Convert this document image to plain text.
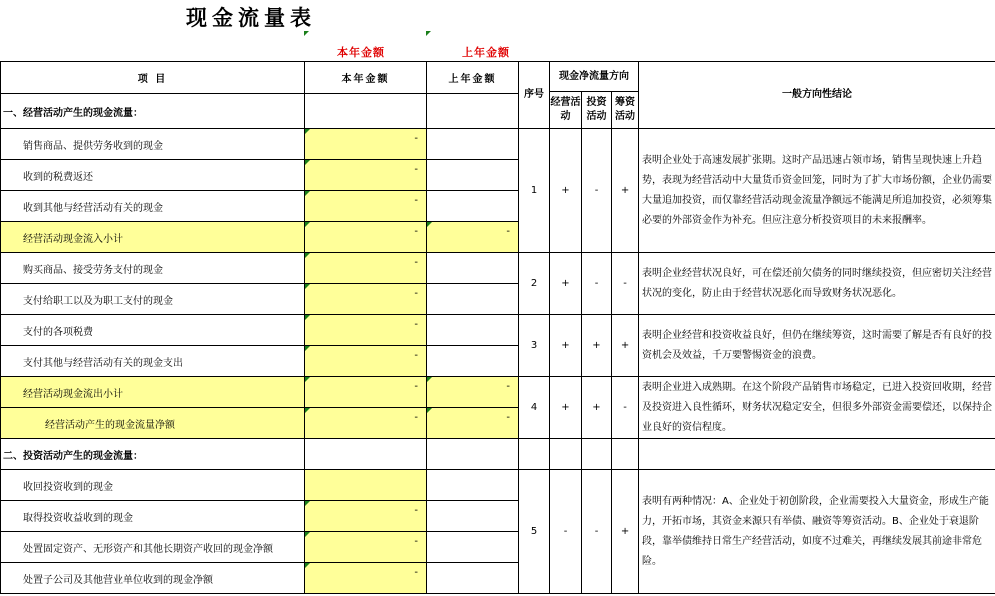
现金流量表
本年金额	上年金额
项 目	本年金额	上年金额	序号	现金净流量方向			一般方向性结论	
				经营活动	投资活动	筹资活动		
一、经营活动产生的现金流量：								
销售商品、提供劳务收到的现金	-		1	+	-	+	表明企业处于高速发展扩张期。这时产品迅速占领市场，销售呈现快速上升趋势，表现为经营活动中大量货币资金回笼，同时为了扩大市场份额，企业仍需要大量追加投资，而仅靠经营活动现金流量净额远不能满足所追加投资，必须筹集必要的外部资金作为补充。但应注意分析投资项目的未来报酬率。	
收到的税费返还	-							

收到其他与经营活动有关的现金	-							

经营活动现金流入小计	-	-						

购买商品、接受劳务支付的现金	-		2	+	-	-	表明企业经营状况良好，可在偿还前欠债务的同时继续投资，但应密切关注经营状况的变化，防止由于经营状况恶化而导致财务状况恶化。	
支付给职工以及为职工支付的现金	-							

支付的各项税费	-		3	+	+	+	表明企业经营和投资收益良好，但仍在继续筹资，这时需要了解是否有良好的投资机会及效益，千万要警惕资金的浪费。	
支付其他与经营活动有关的现金支出	-							

经营活动现金流出小计	-	-	4	+	+	-	表明企业进入成熟期。在这个阶段产品销售市场稳定，已进入投资回收期，经营及投资进入良性循环，财务状况稳定安全，但很多外部资金需要偿还，以保持企业良好的资信程度。	
经营活动产生的现金流量净额	-	-						

二、投资活动产生的现金流量：								
收回投资收到的现金			5	-	-	+	表明有两种情况：A、企业处于初创阶段，企业需要投入大量资金，形成生产能力，开拓市场，其资金来源只有举债、融资等筹资活动。B、企业处于衰退阶段，靠举债维持日常生产经营活动，如度不过难关，再继续发展其前途非常危险。	
取得投资收益收到的现金	-							

处置固定资产、无形资产和其他长期资产收回的现金净额	-							

处置子公司及其他营业单位收到的现金净额	-							
